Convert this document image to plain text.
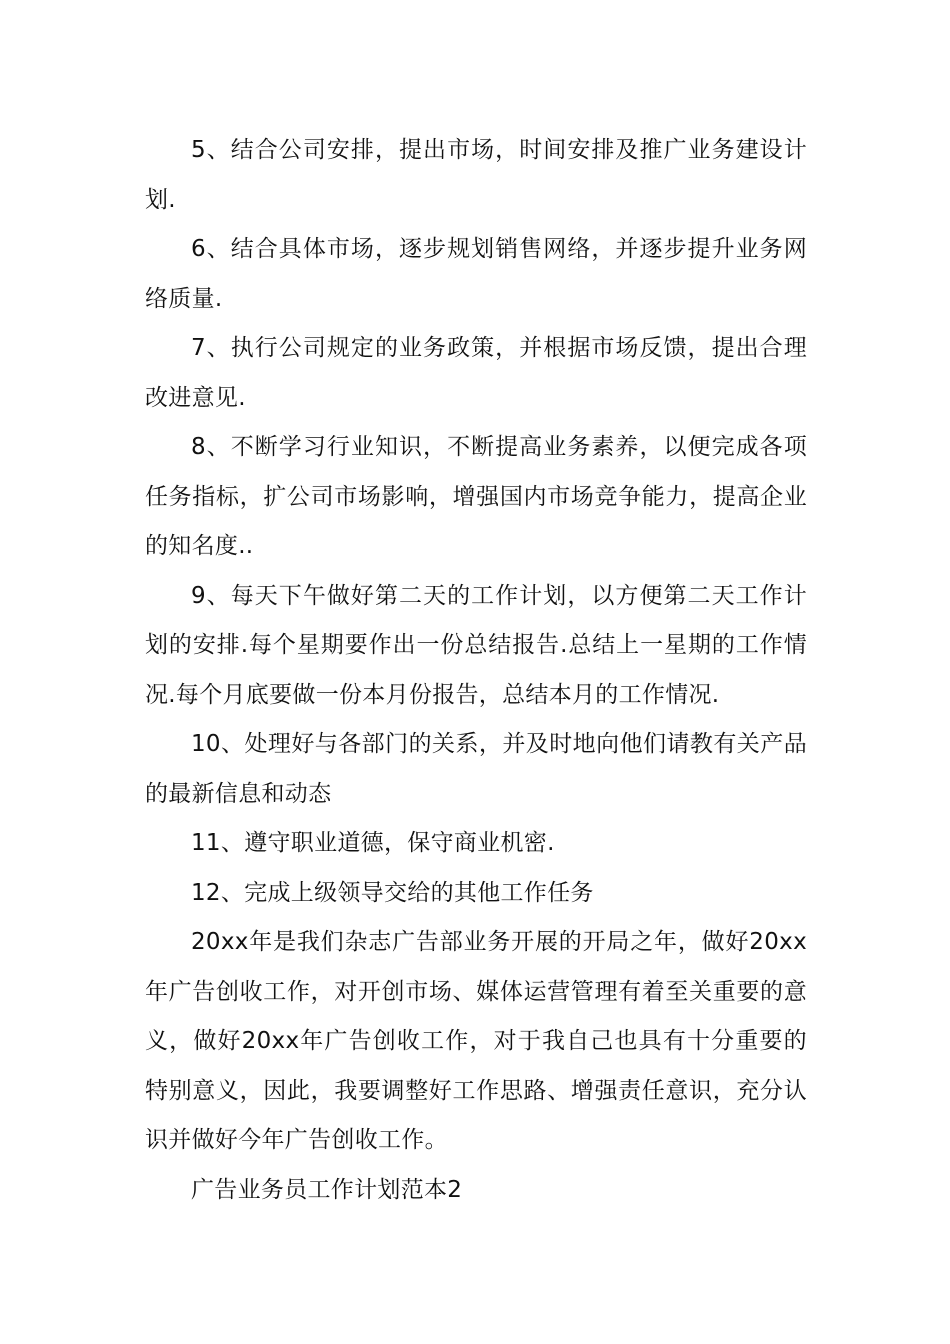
5、结合公司安排，提出市场，时间安排及推广业务建设计划.

6、结合具体市场，逐步规划销售网络，并逐步提升业务网络质量.

7、执行公司规定的业务政策，并根据市场反馈，提出合理改进意见.

8、不断学习行业知识，不断提高业务素养，以便完成各项任务指标，扩公司市场影响，增强国内市场竞争能力，提高企业的知名度..

9、每天下午做好第二天的工作计划，以方便第二天工作计划的安排.每个星期要作出一份总结报告.总结上一星期的工作情况.每个月底要做一份本月份报告，总结本月的工作情况.

10、处理好与各部门的关系，并及时地向他们请教有关产品的最新信息和动态

11、遵守职业道德，保守商业机密.

12、完成上级领导交给的其他工作任务

20xx年是我们杂志广告部业务开展的开局之年，做好20xx年广告创收工作，对开创市场、媒体运营管理有着至关重要的意义，做好20xx年广告创收工作，对于我自己也具有十分重要的特别意义，因此，我要调整好工作思路、增强责任意识，充分认识并做好今年广告创收工作。

广告业务员工作计划范本2
